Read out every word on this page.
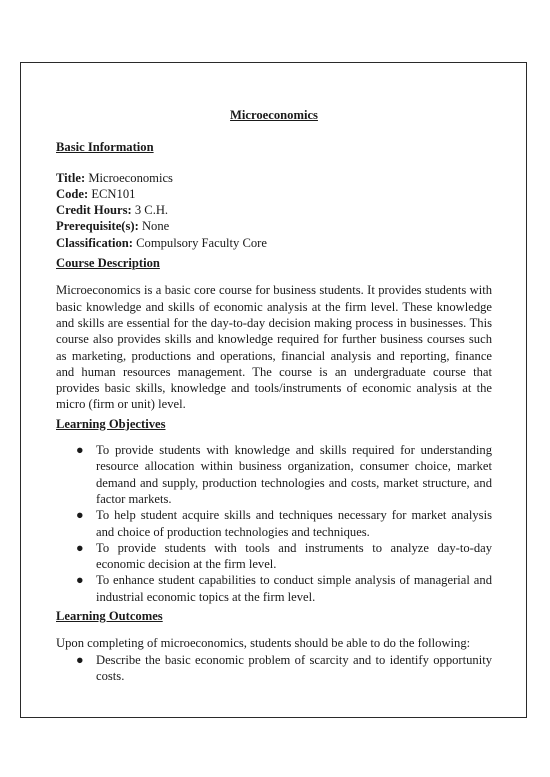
Microeconomics

Basic Information

Title: Microeconomics

Code: ECN101

Credit Hours: 3 C.H.

Prerequisite(s): None

Classification: Compulsory Faculty Core

Course Description

Microeconomics is a basic core course for business students. It provides students with basic knowledge and skills of economic analysis at the firm level. These knowledge and skills are essential for the day-to-day decision making process in businesses. This course also provides skills and knowledge required for further business courses such as marketing, productions and operations, financial analysis and reporting, finance and human resources management. The course is an undergraduate course that provides basic skills, knowledge and tools/instruments of economic analysis at the micro (firm or unit) level.

Learning Objectives

● To provide students with knowledge and skills required for understanding resource allocation within business organization, consumer choice, market demand and supply, production technologies and costs, market structure, and factor markets.
● To help student acquire skills and techniques necessary for market analysis and choice of production technologies and techniques.
● To provide students with tools and instruments to analyze day-to-day economic decision at the firm level.
● To enhance student capabilities to conduct simple analysis of managerial and industrial economic topics at the firm level.

Learning Outcomes

Upon completing of microeconomics, students should be able to do the following:

● Describe the basic economic problem of scarcity and to identify opportunity costs.
